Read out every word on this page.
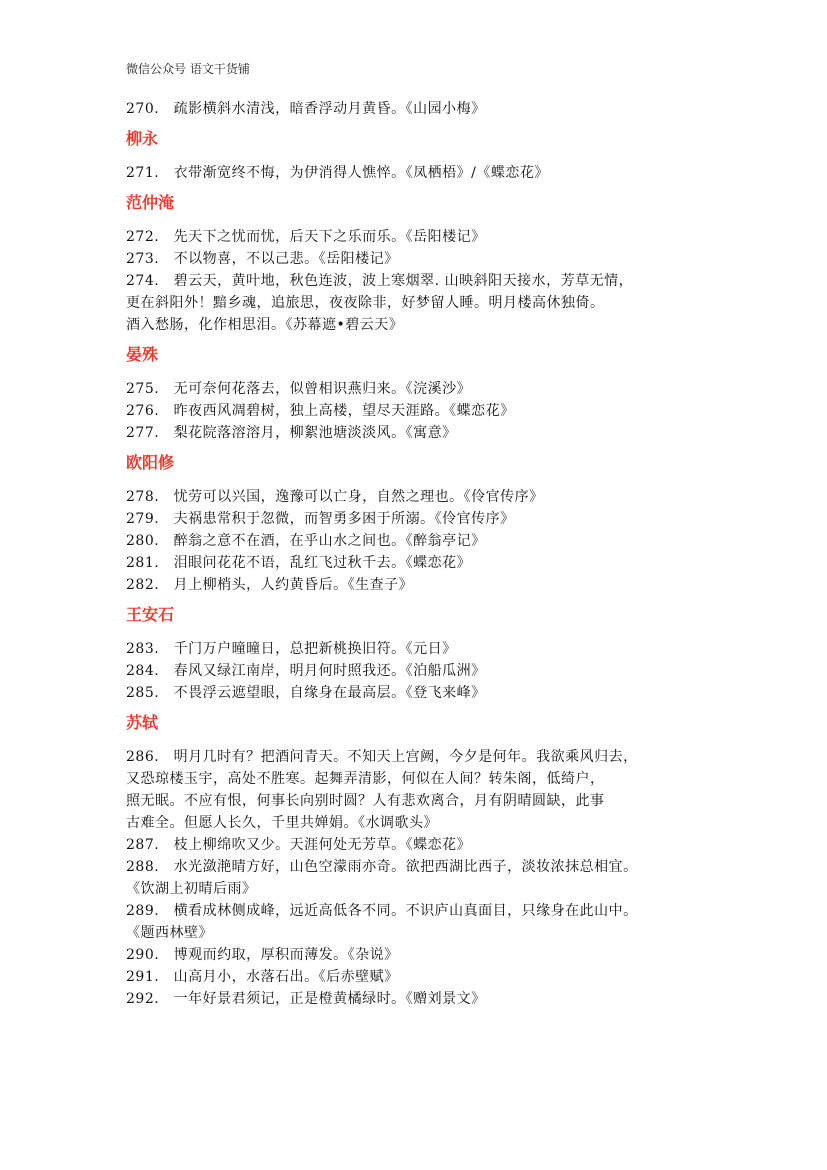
微信公众号 语文干货铺
270.　疏影横斜水清浅，暗香浮动月黄昏。《山园小梅》
柳永
271.　衣带渐宽终不悔，为伊消得人憔悴。《凤栖梧》/《蝶恋花》
范仲淹
272.　先天下之忧而忧，后天下之乐而乐。《岳阳楼记》
273.　不以物喜，不以己悲。《岳阳楼记》
274.　碧云天，黄叶地，秋色连波，波上寒烟翠. 山映斜阳天接水，芳草无情，
更在斜阳外！黯乡魂，追旅思，夜夜除非，好梦留人睡。明月楼高休独倚。
酒入愁肠，化作相思泪。《苏幕遮•碧云天》
晏殊
275.　无可奈何花落去，似曾相识燕归来。《浣溪沙》
276.　昨夜西风凋碧树，独上高楼，望尽天涯路。《蝶恋花》
277.　梨花院落溶溶月，柳絮池塘淡淡风。《寓意》
欧阳修
278.　忧劳可以兴国，逸豫可以亡身，自然之理也。《伶官传序》
279.　夫祸患常积于忽微，而智勇多困于所溺。《伶官传序》
280.　醉翁之意不在酒，在乎山水之间也。《醉翁亭记》
281.　泪眼问花花不语，乱红飞过秋千去。《蝶恋花》
282.　月上柳梢头，人约黄昏后。《生查子》
王安石
283.　千门万户曈曈日，总把新桃换旧符。《元日》
284.　春风又绿江南岸，明月何时照我还。《泊船瓜洲》
285.　不畏浮云遮望眼，自缘身在最高层。《登飞来峰》
苏轼
286.　明月几时有？把酒问青天。不知天上宫阙，今夕是何年。我欲乘风归去，
又恐琼楼玉宇，高处不胜寒。起舞弄清影，何似在人间？转朱阁，低绮户，
照无眠。不应有恨，何事长向别时圆？人有悲欢离合，月有阴晴圆缺，此事
古难全。但愿人长久，千里共婵娟。《水调歌头》
287.　枝上柳绵吹又少。天涯何处无芳草。《蝶恋花》
288.　水光潋滟晴方好，山色空濛雨亦奇。欲把西湖比西子，淡妆浓抹总相宜。
《饮湖上初晴后雨》
289.　横看成林侧成峰，远近高低各不同。不识庐山真面目，只缘身在此山中。
《题西林壁》
290.　博观而约取，厚积而薄发。《杂说》
291.　山高月小，水落石出。《后赤壁赋》
292.　一年好景君须记，正是橙黄橘绿时。《赠刘景文》
